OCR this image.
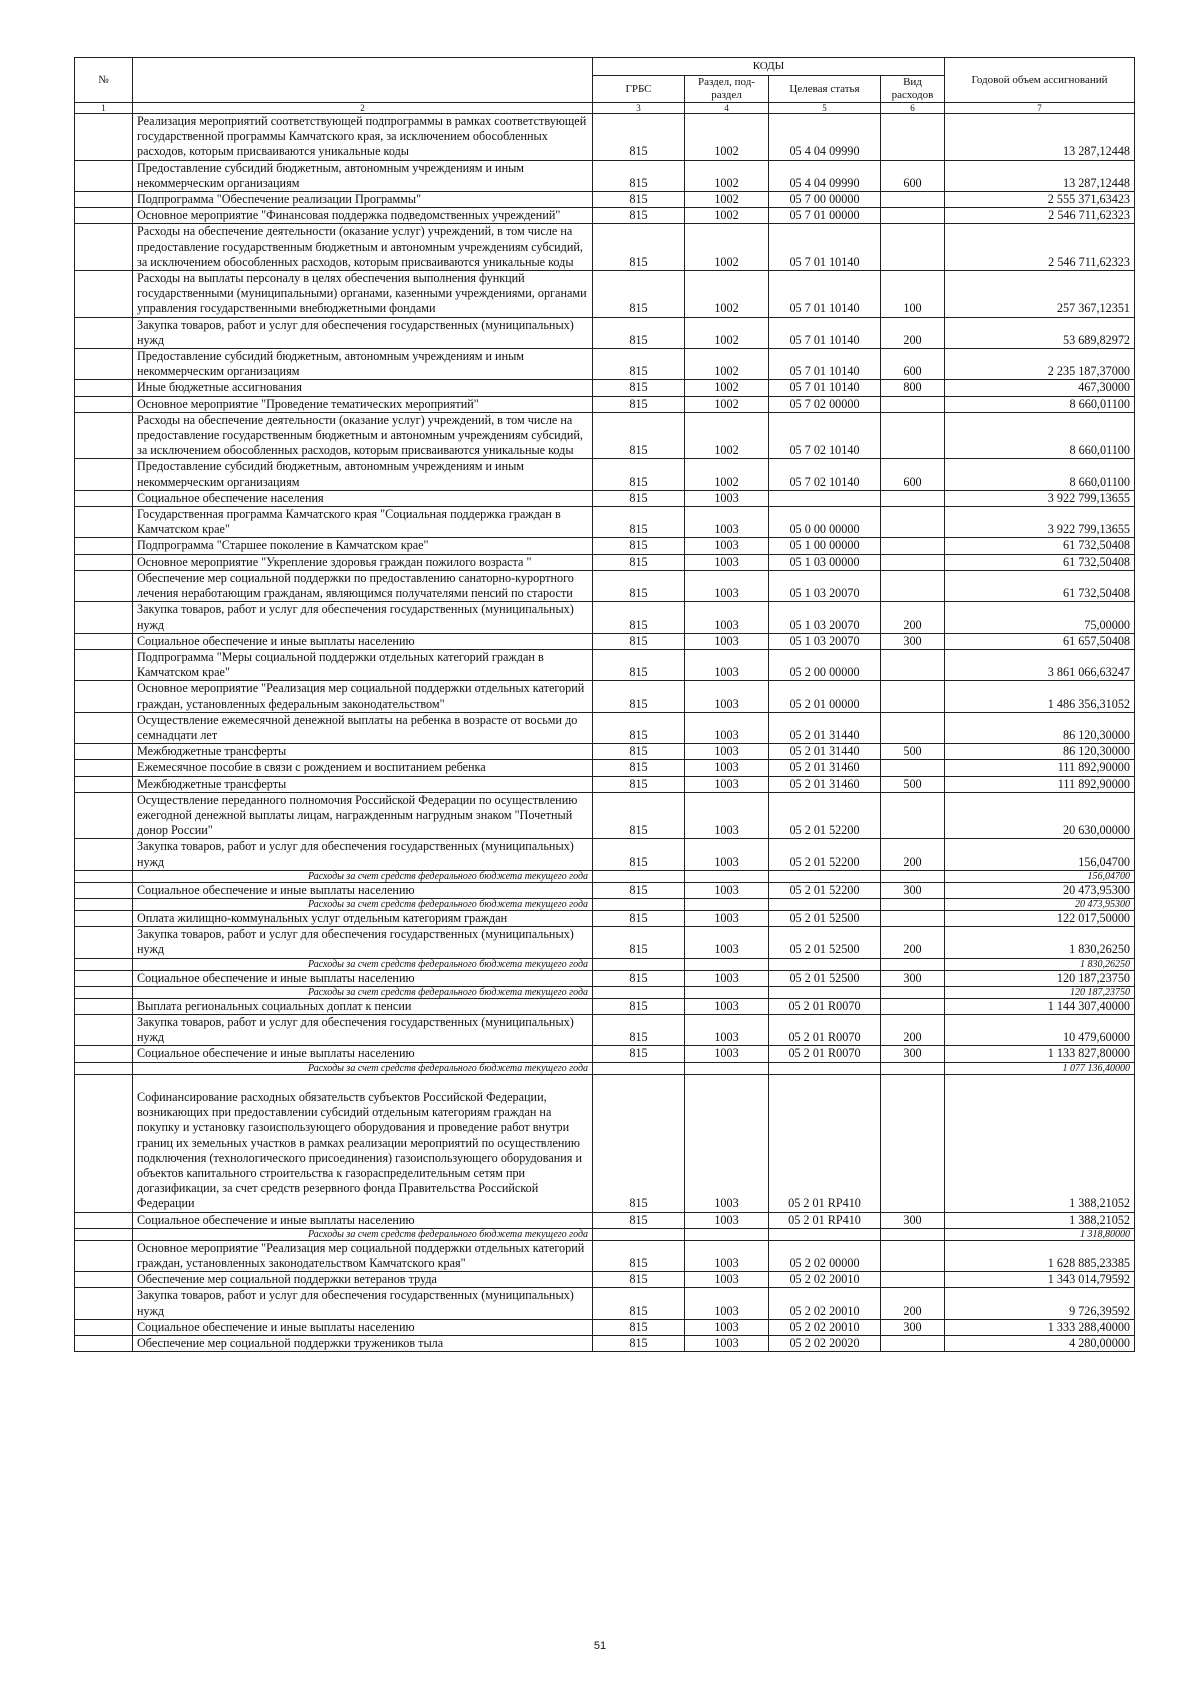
№		КОДЫ				Годовой объем ассигнований
		ГРБС	Раздел, под-раздел	Целевая статья	Вид расходов	
1	2	3	4	5	6	7
	Реализация мероприятий соответствующей подпрограммы в рамках соответствующей государственной программы Камчатского края, за исключением обособленных расходов, которым присваиваются уникальные коды	815	1002	05 4 04 09990		13 287,12448
	Предоставление субсидий бюджетным, автономным учреждениям и иным некоммерческим организациям	815	1002	05 4 04 09990	600	13 287,12448
	Подпрограмма "Обеспечение реализации Программы"	815	1002	05 7 00 00000		2 555 371,63423
	Основное мероприятие "Финансовая поддержка подведомственных учреждений"	815	1002	05 7 01 00000		2 546 711,62323
	Расходы на обеспечение деятельности (оказание услуг) учреждений, в том числе на предоставление государственным бюджетным и автономным учреждениям субсидий, за исключением обособленных расходов, которым присваиваются уникальные коды	815	1002	05 7 01 10140		2 546 711,62323
	Расходы на выплаты персоналу в целях обеспечения выполнения функций государственными (муниципальными) органами, казенными учреждениями, органами управления государственными внебюджетными фондами	815	1002	05 7 01 10140	100	257 367,12351
	Закупка товаров, работ и услуг для обеспечения государственных (муниципальных) нужд	815	1002	05 7 01 10140	200	53 689,82972
	Предоставление субсидий бюджетным, автономным учреждениям и иным некоммерческим организациям	815	1002	05 7 01 10140	600	2 235 187,37000
	Иные бюджетные ассигнования	815	1002	05 7 01 10140	800	467,30000
	Основное мероприятие "Проведение тематических мероприятий"	815	1002	05 7 02 00000		8 660,01100
	Расходы на обеспечение деятельности (оказание услуг) учреждений, в том числе на предоставление государственным бюджетным и автономным учреждениям субсидий, за исключением обособленных расходов, которым присваиваются уникальные коды	815	1002	05 7 02 10140		8 660,01100
	Предоставление субсидий бюджетным, автономным учреждениям и иным некоммерческим организациям	815	1002	05 7 02 10140	600	8 660,01100
	Социальное обеспечение населения	815	1003			3 922 799,13655
	Государственная программа Камчатского края "Социальная поддержка граждан в Камчатском крае"	815	1003	05 0 00 00000		3 922 799,13655
	Подпрограмма "Старшее поколение в Камчатском крае"	815	1003	05 1 00 00000		61 732,50408
	Основное мероприятие "Укрепление здоровья граждан пожилого возраста "	815	1003	05 1 03 00000		61 732,50408
	Обеспечение мер социальной поддержки по предоставлению санаторно-курортного лечения неработающим гражданам, являющимся получателями пенсий по старости	815	1003	05 1 03 20070		61 732,50408
	Закупка товаров, работ и услуг для обеспечения государственных (муниципальных) нужд	815	1003	05 1 03 20070	200	75,00000
	Социальное обеспечение и иные выплаты населению	815	1003	05 1 03 20070	300	61 657,50408
	Подпрограмма "Меры социальной поддержки отдельных категорий граждан в Камчатском крае"	815	1003	05 2 00 00000		3 861 066,63247
	Основное мероприятие "Реализация мер социальной поддержки отдельных категорий граждан, установленных федеральным законодательством"	815	1003	05 2 01 00000		1 486 356,31052
	Осуществление ежемесячной денежной выплаты на ребенка в возрасте от восьми до семнадцати лет	815	1003	05 2 01 31440		86 120,30000
	Межбюджетные трансферты	815	1003	05 2 01 31440	500	86 120,30000
	Ежемесячное пособие в связи с рождением и воспитанием ребенка	815	1003	05 2 01 31460		111 892,90000
	Межбюджетные трансферты	815	1003	05 2 01 31460	500	111 892,90000
	Осуществление переданного полномочия Российской Федерации по осуществлению ежегодной денежной выплаты лицам, награжденным нагрудным знаком "Почетный донор России"	815	1003	05 2 01 52200		20 630,00000
	Закупка товаров, работ и услуг для обеспечения государственных (муниципальных) нужд	815	1003	05 2 01 52200	200	156,04700
	Расходы за счет средств федерального бюджета текущего года					156,04700
	Социальное обеспечение и иные выплаты населению	815	1003	05 2 01 52200	300	20 473,95300
	Расходы за счет средств федерального бюджета текущего года					20 473,95300
	Оплата жилищно-коммунальных услуг отдельным категориям граждан	815	1003	05 2 01 52500		122 017,50000
	Закупка товаров, работ и услуг для обеспечения государственных (муниципальных) нужд	815	1003	05 2 01 52500	200	1 830,26250
	Расходы за счет средств федерального бюджета текущего года					1 830,26250
	Социальное обеспечение и иные выплаты населению	815	1003	05 2 01 52500	300	120 187,23750
	Расходы за счет средств федерального бюджета текущего года					120 187,23750
	Выплата региональных социальных доплат к пенсии	815	1003	05 2 01 R0070		1 144 307,40000
	Закупка товаров, работ и услуг для обеспечения государственных (муниципальных) нужд	815	1003	05 2 01 R0070	200	10 479,60000
	Социальное обеспечение и иные выплаты населению	815	1003	05 2 01 R0070	300	1 133 827,80000
	Расходы за счет средств федерального бюджета текущего года					1 077 136,40000
	Софинансирование расходных обязательств субъектов Российской Федерации, возникающих при предоставлении субсидий отдельным категориям граждан на покупку и установку газоиспользующего оборудования и проведение работ внутри границ их земельных участков в рамках реализации мероприятий по осуществлению подключения (технологического присоединения) газоиспользующего оборудования и объектов капитального строительства к газораспределительным сетям при догазификации, за счет средств резервного фонда Правительства Российской Федерации	815	1003	05 2 01 RP410		1 388,21052
	Социальное обеспечение и иные выплаты населению	815	1003	05 2 01 RP410	300	1 388,21052
	Расходы за счет средств федерального бюджета текущего года					1 318,80000
	Основное мероприятие "Реализация мер социальной поддержки отдельных категорий граждан, установленных законодательством Камчатского края"	815	1003	05 2 02 00000		1 628 885,23385
	Обеспечение мер социальной поддержки ветеранов труда	815	1003	05 2 02 20010		1 343 014,79592
	Закупка товаров, работ и услуг для обеспечения государственных (муниципальных) нужд	815	1003	05 2 02 20010	200	9 726,39592
	Социальное обеспечение и иные выплаты населению	815	1003	05 2 02 20010	300	1 333 288,40000
	Обеспечение мер социальной поддержки тружеников тыла	815	1003	05 2 02 20020		4 280,00000
51
